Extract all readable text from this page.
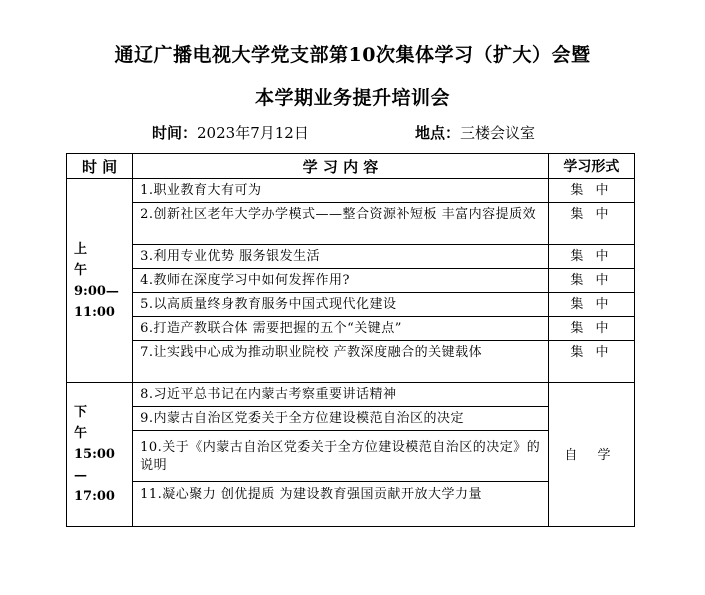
通辽广播电视大学党支部第10次集体学习（扩大）会暨
本学期业务提升培训会
时间：2023年7月12日	地点：三楼会议室
时 间	学 习 内 容	学习形式

上 午
9:00—
11:00	1.职业教育大有可为	集 中
	2.创新社区老年大学办学模式——整合资源补短板 丰富内容提质效	集 中
	3.利用专业优势 服务银发生活	集 中
	4.教师在深度学习中如何发挥作用?	集 中
	5.以高质量终身教育服务中国式现代化建设	集 中
	6.打造产教联合体 需要把握的五个“关键点”	集 中
	7.让实践中心成为推动职业院校 产教深度融合的关键载体	集 中

下 午
15:00
—
17:00	8.习近平总书记在内蒙古考察重要讲话精神	自 学
	9.内蒙古自治区党委关于全方位建设模范自治区的决定	
	10.关于《内蒙古自治区党委关于全方位建设模范自治区的决定》的说明	
	11.凝心聚力 创优提质 为建设教育强国贡献开放大学力量	
